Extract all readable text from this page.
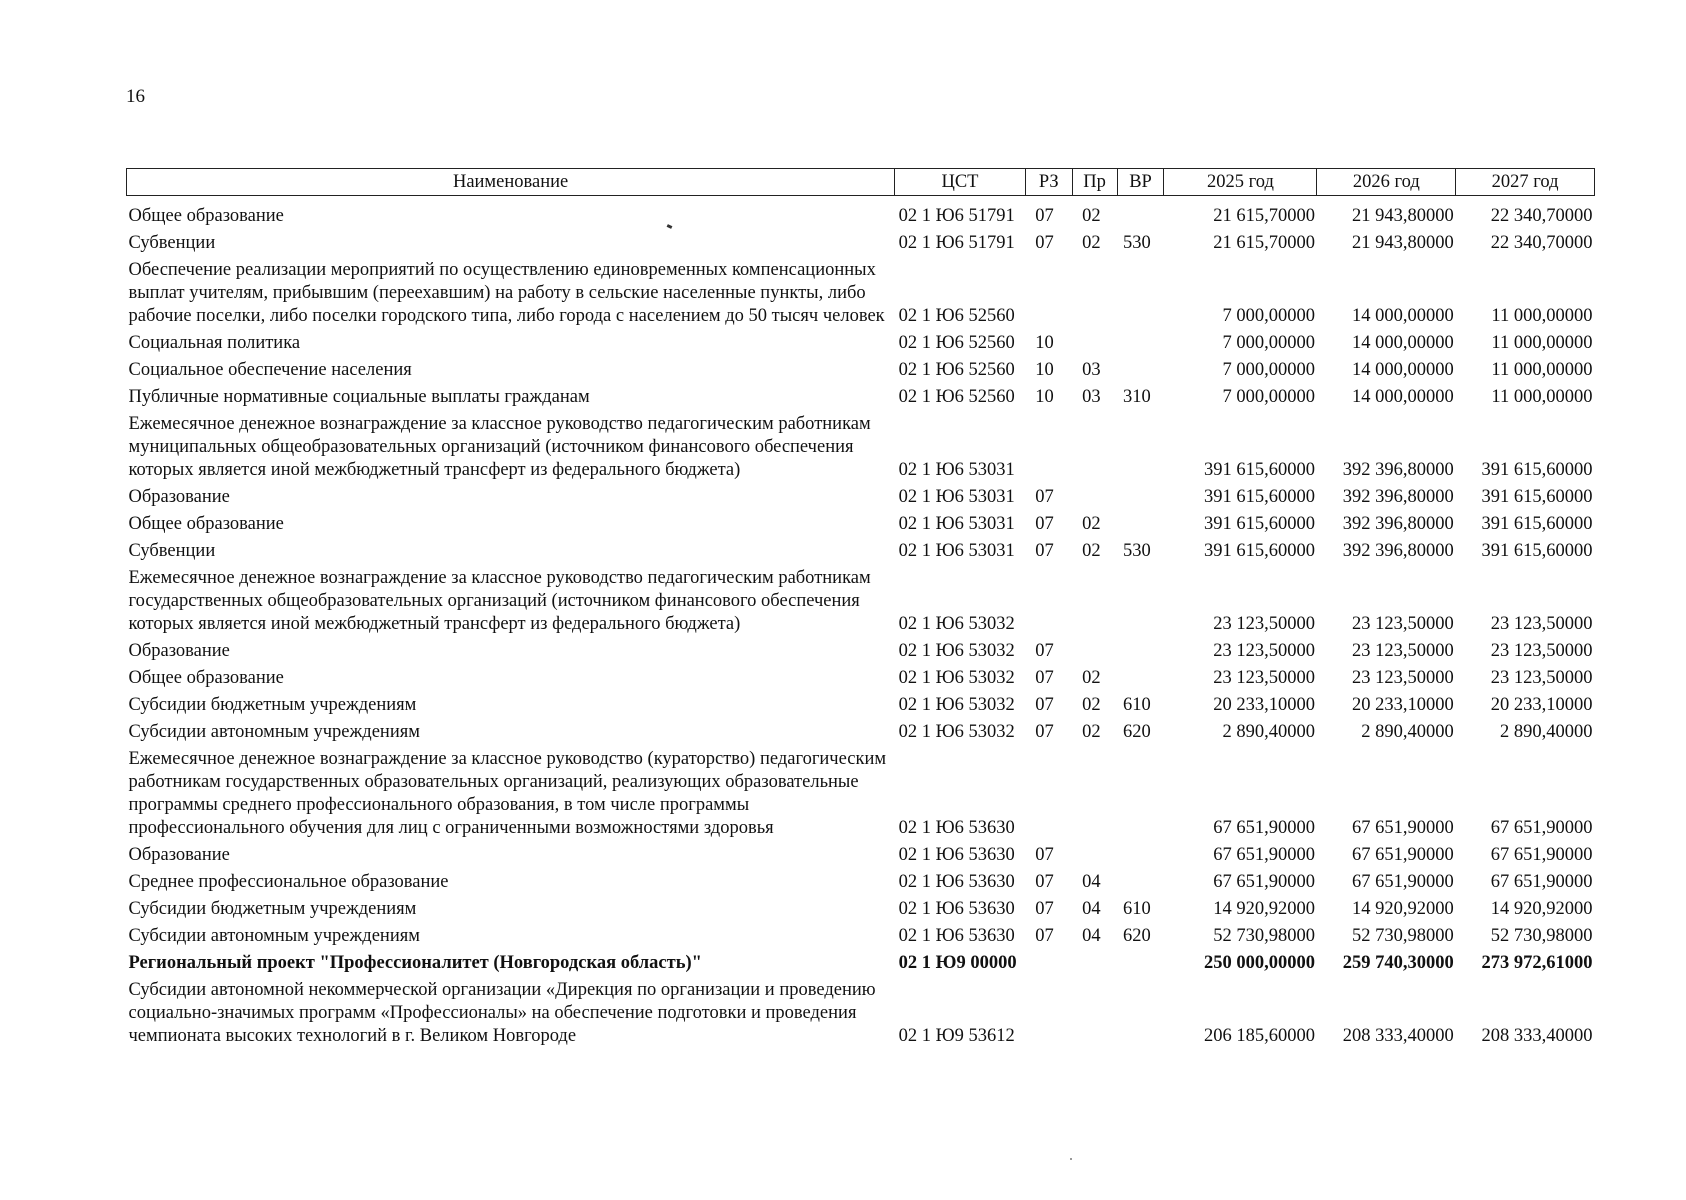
16
Наименование	ЦСТ	РЗ	Пр	ВР	2025 год	2026 год	2027 год

Общее образование	02 1 Ю6 51791	07	02		21 615,70000	21 943,80000	22 340,70000
Субвенции	02 1 Ю6 51791	07	02	530	21 615,70000	21 943,80000	22 340,70000
Обеспечение реализации мероприятий по осуществлению единовременных компенсационных выплат учителям, прибывшим (переехавшим) на работу в сельские населенные пункты, либо рабочие поселки, либо поселки городского типа, либо города с населением до 50 тысяч человек	02 1 Ю6 52560				7 000,00000	14 000,00000	11 000,00000
Социальная политика	02 1 Ю6 52560	10			7 000,00000	14 000,00000	11 000,00000
Социальное обеспечение населения	02 1 Ю6 52560	10	03		7 000,00000	14 000,00000	11 000,00000
Публичные нормативные социальные выплаты гражданам	02 1 Ю6 52560	10	03	310	7 000,00000	14 000,00000	11 000,00000
Ежемесячное денежное вознаграждение за классное руководство педагогическим работникам муниципальных общеобразовательных организаций (источником финансового обеспечения которых является иной межбюджетный трансферт из федерального бюджета)	02 1 Ю6 53031				391 615,60000	392 396,80000	391 615,60000
Образование	02 1 Ю6 53031	07			391 615,60000	392 396,80000	391 615,60000
Общее образование	02 1 Ю6 53031	07	02		391 615,60000	392 396,80000	391 615,60000
Субвенции	02 1 Ю6 53031	07	02	530	391 615,60000	392 396,80000	391 615,60000
Ежемесячное денежное вознаграждение за классное руководство педагогическим работникам государственных общеобразовательных организаций (источником финансового обеспечения которых является иной межбюджетный трансферт из федерального бюджета)	02 1 Ю6 53032				23 123,50000	23 123,50000	23 123,50000
Образование	02 1 Ю6 53032	07			23 123,50000	23 123,50000	23 123,50000
Общее образование	02 1 Ю6 53032	07	02		23 123,50000	23 123,50000	23 123,50000
Субсидии бюджетным учреждениям	02 1 Ю6 53032	07	02	610	20 233,10000	20 233,10000	20 233,10000
Субсидии автономным учреждениям	02 1 Ю6 53032	07	02	620	2 890,40000	2 890,40000	2 890,40000
Ежемесячное денежное вознаграждение за классное руководство (кураторство) педагогическим работникам государственных образовательных организаций, реализующих образовательные программы среднего профессионального образования, в том числе программы профессионального обучения для лиц с ограниченными возможностями здоровья	02 1 Ю6 53630				67 651,90000	67 651,90000	67 651,90000
Образование	02 1 Ю6 53630	07			67 651,90000	67 651,90000	67 651,90000
Среднее профессиональное образование	02 1 Ю6 53630	07	04		67 651,90000	67 651,90000	67 651,90000
Субсидии бюджетным учреждениям	02 1 Ю6 53630	07	04	610	14 920,92000	14 920,92000	14 920,92000
Субсидии автономным учреждениям	02 1 Ю6 53630	07	04	620	52 730,98000	52 730,98000	52 730,98000
Региональный проект "Профессионалитет (Новгородская область)"	02 1 Ю9 00000				250 000,00000	259 740,30000	273 972,61000
Субсидии автономной некоммерческой организации «Дирекция по организации и проведению социально-значимых программ «Профессионалы» на обеспечение подготовки и проведения чемпионата высоких технологий в г. Великом Новгороде	02 1 Ю9 53612				206 185,60000	208 333,40000	208 333,40000
